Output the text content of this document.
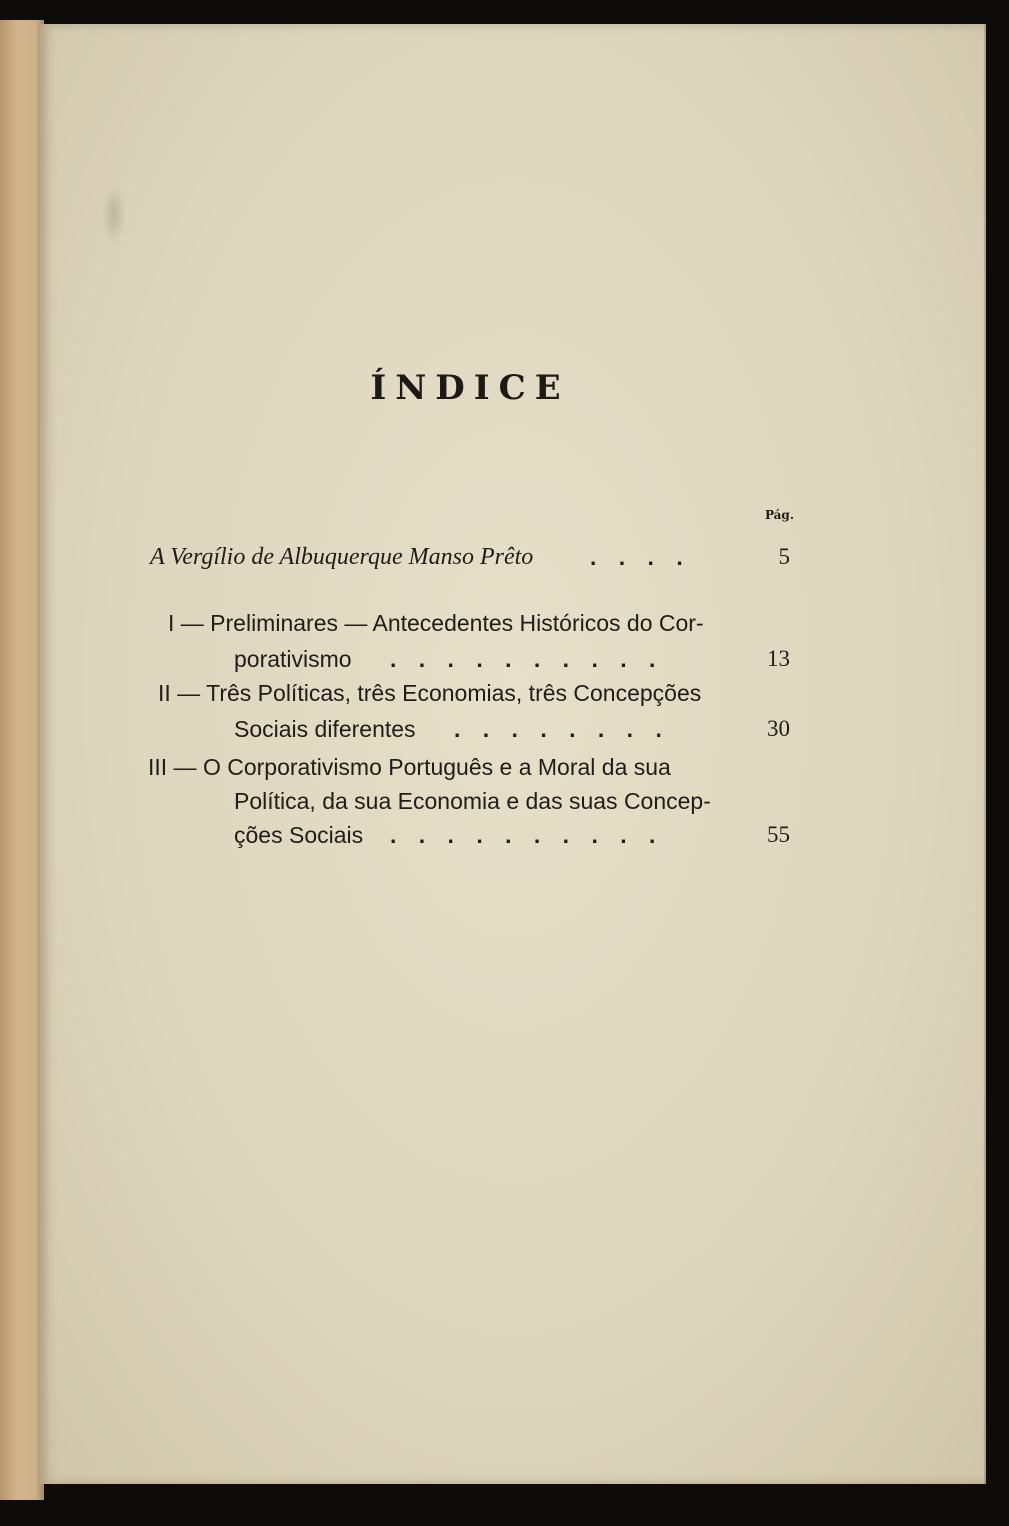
ÍNDICE
Pág.
A Vergílio de Albuquerque Manso Prêto . . . .	5
I — Preliminares — Antecedentes Históricos do Cor-
porativismo . . . . . . . . . .	13
II — Três Políticas, três Economias, três Concepções
Sociais diferentes . . . . . . . .	30
III — O Corporativismo Português e a Moral da sua
Política, da sua Economia e das suas Concep-
ções Sociais . . . . . . . . . .	55
